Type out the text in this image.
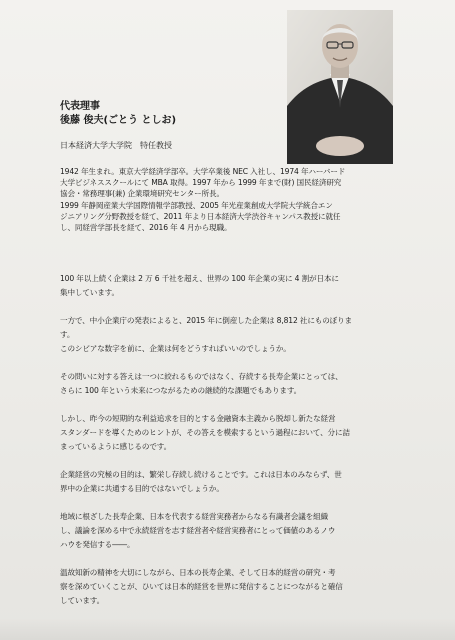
代表理事
後藤 俊夫(ごとう としお)
日本経済大学大学院　特任教授

1942 年生まれ。東京大学経済学部卒。大学卒業後 NEC 入社し、1974 年ハーバード

大学ビジネススクールにて MBA 取得。1997 年から 1999 年まで(財) 国民経済研究

協会・常務理事(兼) 企業環境研究センター所長。

1999 年静岡産業大学国際情報学部教授、2005 年光産業創成大学院大学統合エン

ジニアリング分野教授を経て、2011 年より日本経済大学渋谷キャンパス教授に就任

し、同経営学部長を経て、2016 年 4 月から現職。

100 年以上続く企業は 2 万 6 千社を超え、世界の 100 年企業の実に 4 割が日本に
集中しています。

一方で、中小企業庁の発表によると、2015 年に倒産した企業は 8,812 社にものぼりま
す。
このシビアな数字を前に、企業は何をどうすればいいのでしょうか。

その問いに対する答えは一つに絞れるものではなく、存続する長寿企業にとっては、
さらに 100 年という未来につながるための継続的な課題でもあります。

しかし、昨今の短期的な利益追求を目的とする金融資本主義から脱却し新たな経営
スタンダードを導くためのヒントが、その答えを模索するという過程において、分に詰
まっているように感じるのです。

企業経営の究極の目的は、繁栄し存続し続けることです。これは日本のみならず、世
界中の企業に共通する目的ではないでしょうか。

地域に根ざした長寿企業、日本を代表する経営実務者からなる有識者会議を組織
し、議論を深める中で永続経営を志す経営者や経営実務者にとって価値のあるノウ
ハウを発信する――。

温故知新の精神を大切にしながら、日本の長寿企業、そして日本的経営の研究・考
察を深めていくことが、ひいては日本的経営を世界に発信することにつながると確信
しています。
